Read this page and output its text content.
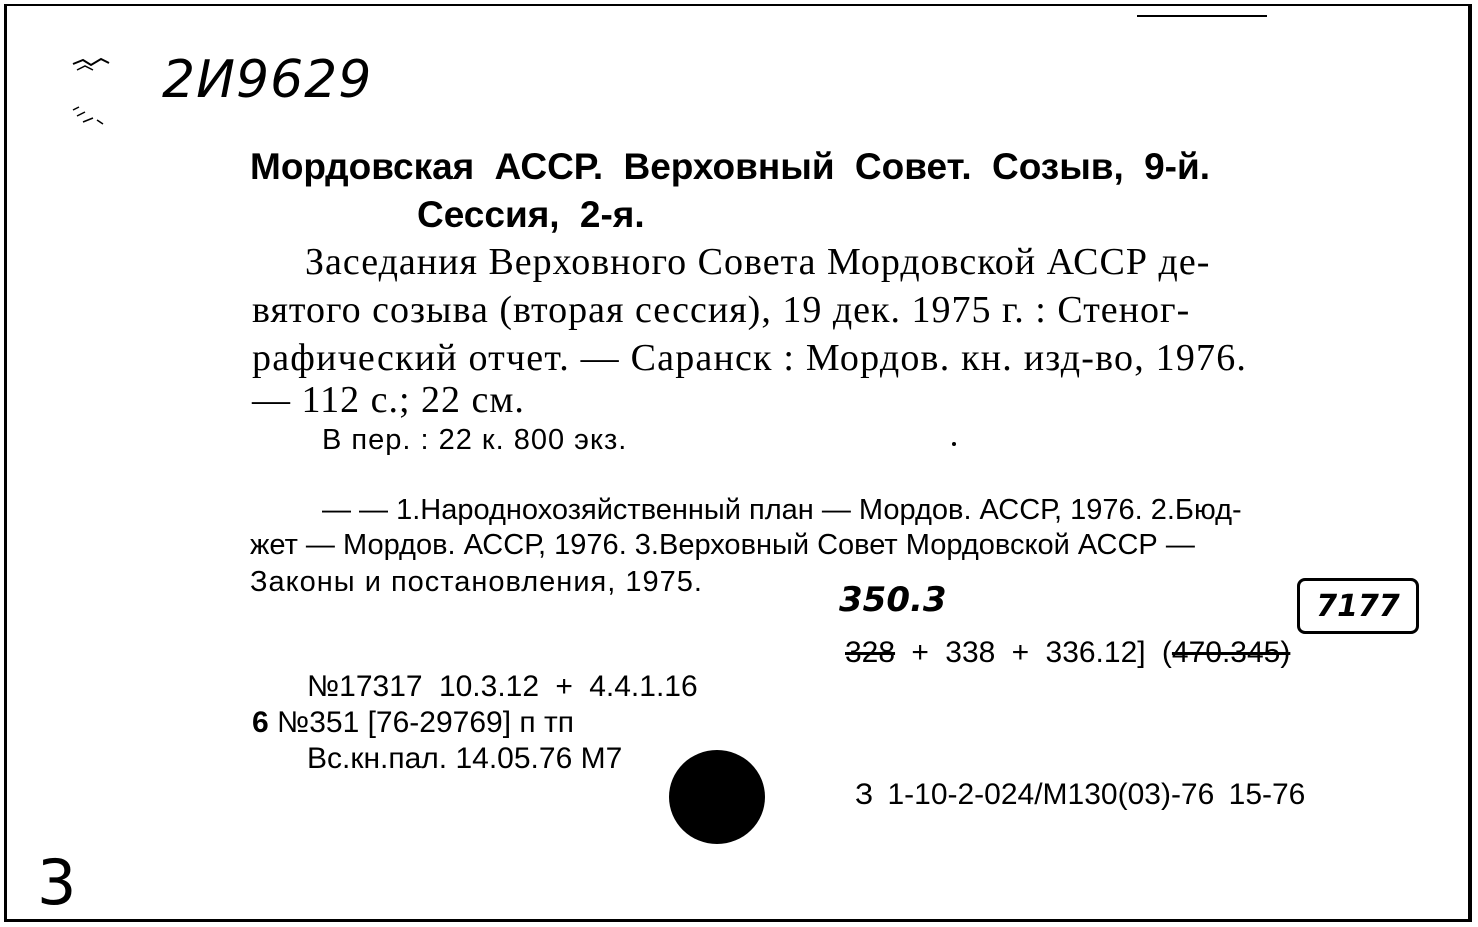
2И9629
Мордовская АССР. Верховный Совет. Созыв, 9-й.
Сессия, 2-я.
Заседания Верховного Совета Мордовской АССР де-
вятого созыва (вторая сессия), 19 дек. 1975 г. : Стеног-
рафический отчет. — Саранск : Мордов. кн. изд-во, 1976.
— 112 с.; 22 см.
В пер. : 22 к. 800 экз.
— — 1.Народнохозяйственный план — Мордов. АССР, 1976. 2.Бюд-
жет — Мордов. АССР, 1976. 3.Верховный Совет Мордовской АССР —
Законы и постановления, 1975.	350.3	7177
328 + 338 + 336.12] (470.345)
№17317 10.3.12 + 4.4.1.16
6 №351 [76-29769] п тп
Вс.кн.пал. 14.05.76 М7
З 1-10-2-024/М130(03)-76 15-76
3
